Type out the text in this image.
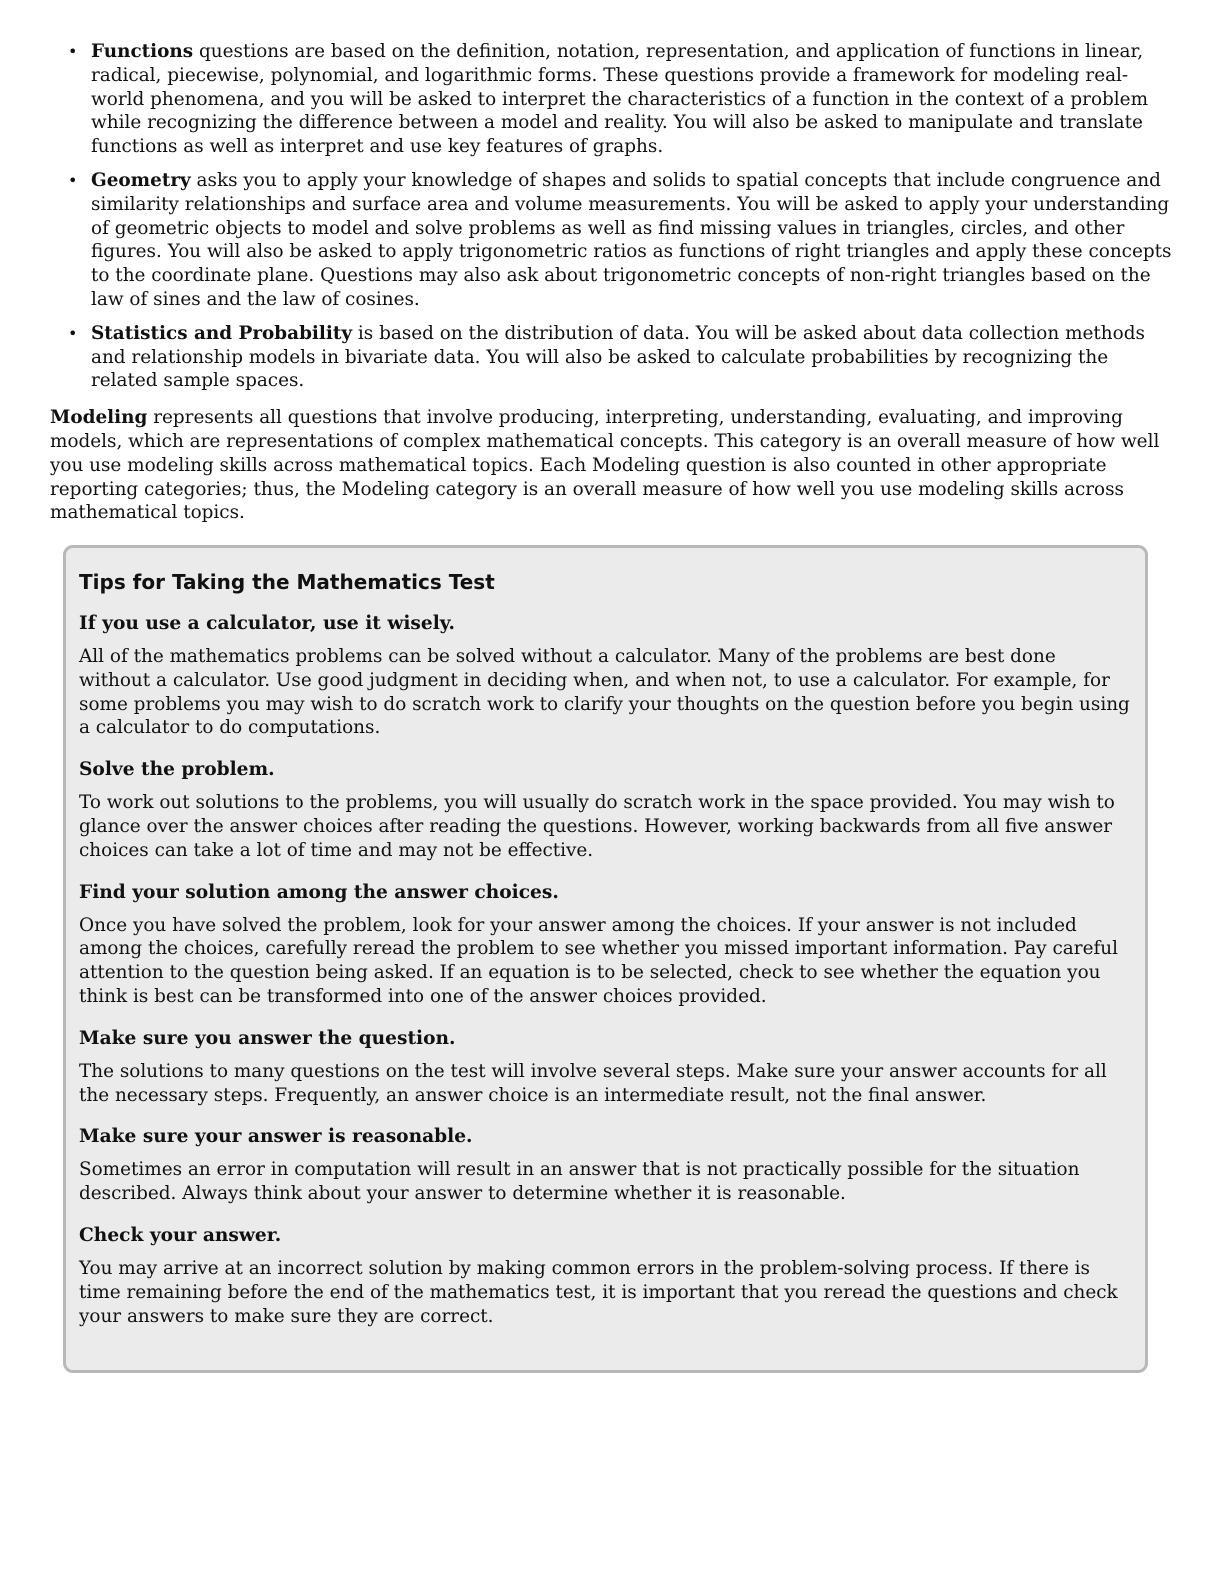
• Functions questions are based on the definition, notation, representation, and application of functions in linear, radical, piecewise, polynomial, and logarithmic forms. These questions provide a framework for modeling real-world phenomena, and you will be asked to interpret the characteristics of a function in the context of a problem while recognizing the difference between a model and reality. You will also be asked to manipulate and translate functions as well as interpret and use key features of graphs.
• Geometry asks you to apply your knowledge of shapes and solids to spatial concepts that include congruence and similarity relationships and surface area and volume measurements. You will be asked to apply your understanding of geometric objects to model and solve problems as well as find missing values in triangles, circles, and other figures. You will also be asked to apply trigonometric ratios as functions of right triangles and apply these concepts to the coordinate plane. Questions may also ask about trigonometric concepts of non-right triangles based on the law of sines and the law of cosines.
• Statistics and Probability is based on the distribution of data. You will be asked about data collection methods and relationship models in bivariate data. You will also be asked to calculate probabilities by recognizing the related sample spaces.

Modeling represents all questions that involve producing, interpreting, understanding, evaluating, and improving models, which are representations of complex mathematical concepts. This category is an overall measure of how well you use modeling skills across mathematical topics. Each Modeling question is also counted in other appropriate reporting categories; thus, the Modeling category is an overall measure of how well you use modeling skills across mathematical topics.

Tips for Taking the Mathematics Test
If you use a calculator, use it wisely.
All of the mathematics problems can be solved without a calculator. Many of the problems are best done without a calculator. Use good judgment in deciding when, and when not, to use a calculator. For example, for some problems you may wish to do scratch work to clarify your thoughts on the question before you begin using a calculator to do computations.
Solve the problem.
To work out solutions to the problems, you will usually do scratch work in the space provided. You may wish to glance over the answer choices after reading the questions. However, working backwards from all five answer choices can take a lot of time and may not be effective.
Find your solution among the answer choices.
Once you have solved the problem, look for your answer among the choices. If your answer is not included among the choices, carefully reread the problem to see whether you missed important information. Pay careful attention to the question being asked. If an equation is to be selected, check to see whether the equation you think is best can be transformed into one of the answer choices provided.
Make sure you answer the question.
The solutions to many questions on the test will involve several steps. Make sure your answer accounts for all the necessary steps. Frequently, an answer choice is an intermediate result, not the final answer.
Make sure your answer is reasonable.
Sometimes an error in computation will result in an answer that is not practically possible for the situation described. Always think about your answer to determine whether it is reasonable.
Check your answer.
You may arrive at an incorrect solution by making common errors in the problem-solving process. If there is time remaining before the end of the mathematics test, it is important that you reread the questions and check your answers to make sure they are correct.
